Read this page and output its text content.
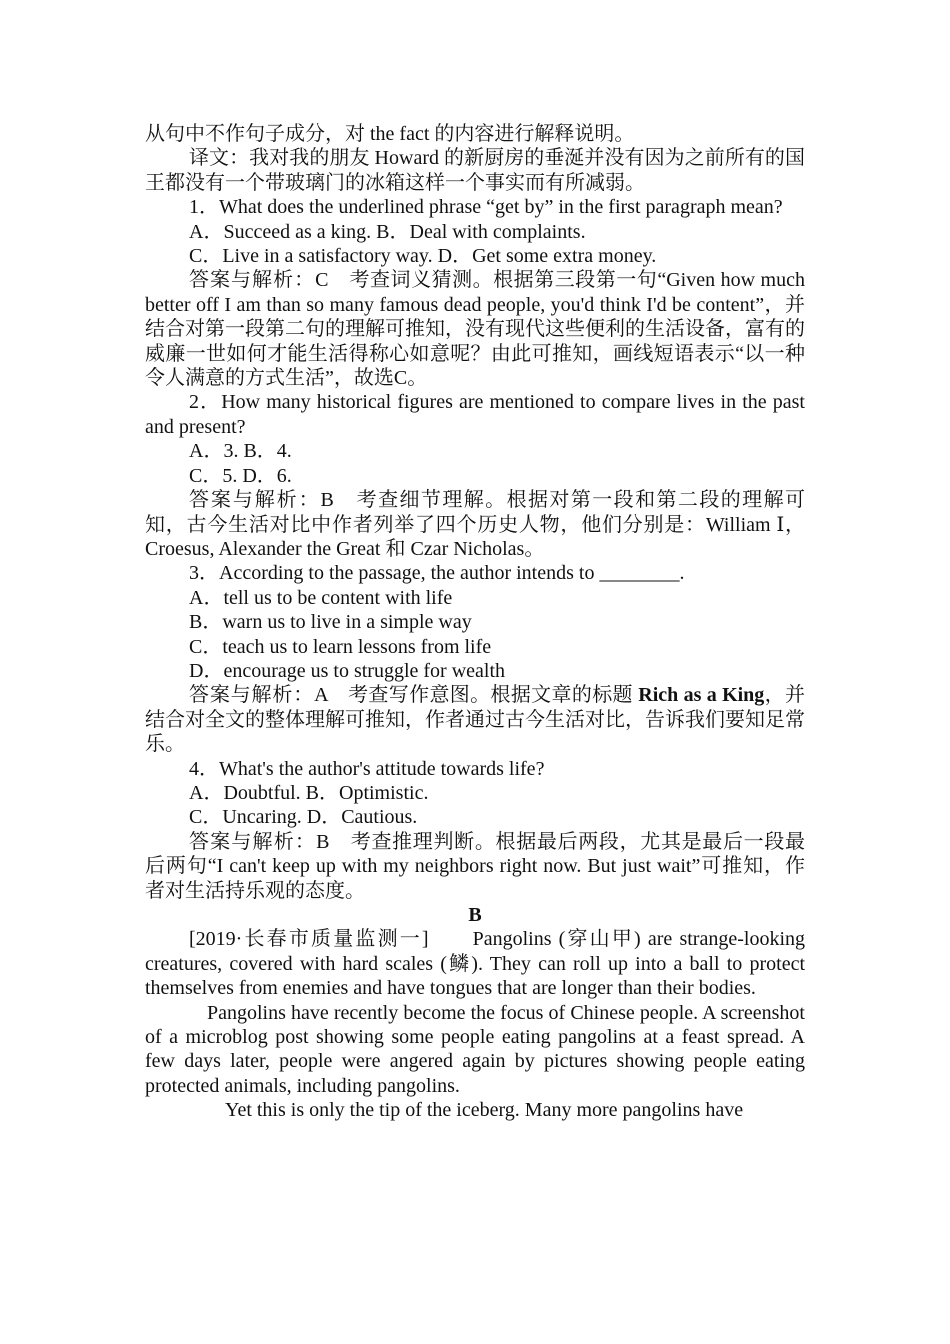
从句中不作句子成分，对 the fact 的内容进行解释说明。

译文：我对我的朋友 Howard 的新厨房的垂涎并没有因为之前所有的国王都没有一个带玻璃门的冰箱这样一个事实而有所减弱。

1．What does the underlined phrase “get by” in the first paragraph mean?

A．Succeed as a king. B．Deal with complaints.

C．Live in a satisfactory way. D．Get some extra money.

答案与解析：C　考查词义猜测。根据第三段第一句“Given how much better off I am than so many famous dead people, you'd think I'd be content”，并结合对第一段第二句的理解可推知，没有现代这些便利的生活设备，富有的威廉一世如何才能生活得称心如意呢？由此可推知，画线短语表示“以一种令人满意的方式生活”，故选C。

2．How many historical figures are mentioned to compare lives in the past and present?

A．3. B．4.

C．5. D．6.

答案与解析：B　考查细节理解。根据对第一段和第二段的理解可知，古今生活对比中作者列举了四个历史人物，他们分别是：William Ⅰ， Croesus, Alexander the Great 和 Czar Nicholas。

3．According to the passage, the author intends to ________.

A．tell us to be content with life

B．warn us to live in a simple way

C．teach us to learn lessons from life

D．encourage us to struggle for wealth

答案与解析：A　考查写作意图。根据文章的标题 Rich as a King，并结合对全文的整体理解可推知，作者通过古今生活对比，告诉我们要知足常乐。

4．What's the author's attitude towards life?

A．Doubtful. B．Optimistic.

C．Uncaring. D．Cautious.

答案与解析：B　考查推理判断。根据最后两段，尤其是最后一段最后两句“I can't keep up with my neighbors right now. But just wait”可推知，作者对生活持乐观的态度。

B

[2019·长春市质量监测一] Pangolins (穿山甲) are strange-looking creatures, covered with hard scales (鳞). They can roll up into a ball to protect themselves from enemies and have tongues that are longer than their bodies.

Pangolins have recently become the focus of Chinese people. A screenshot of a microblog post showing some people eating pangolins at a feast spread. A few days later, people were angered again by pictures showing people eating protected animals, including pangolins.

Yet this is only the tip of the iceberg. Many more pangolins have
